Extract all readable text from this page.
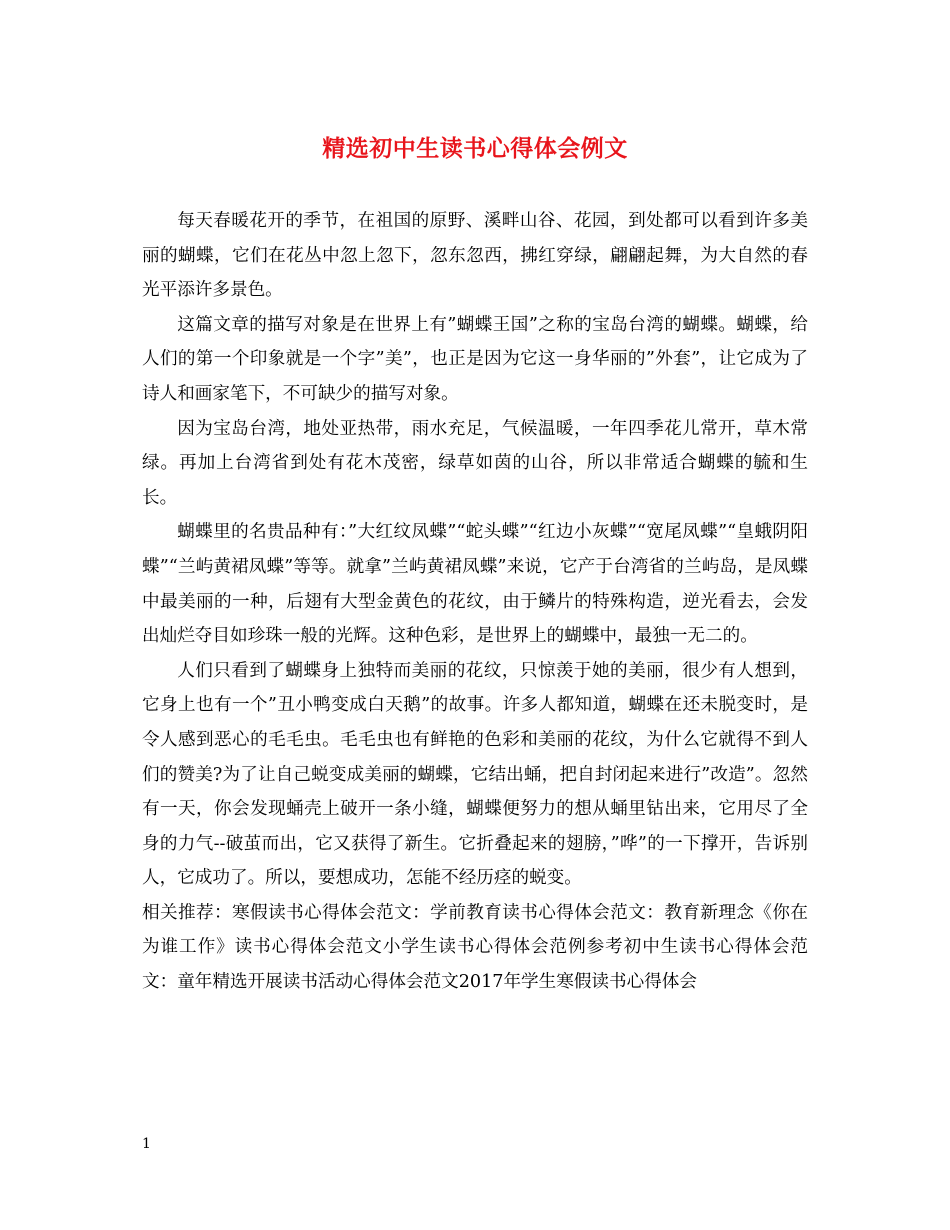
精选初中生读书心得体会例文

每天春暖花开的季节，在祖国的原野、溪畔山谷、花园，到处都可以看到许多美丽的蝴蝶，它们在花丛中忽上忽下，忽东忽西，拂红穿绿，翩翩起舞，为大自然的春光平添许多景色。

这篇文章的描写对象是在世界上有”蝴蝶王国”之称的宝岛台湾的蝴蝶。蝴蝶，给人们的第一个印象就是一个字”美”，也正是因为它这一身华丽的”外套”，让它成为了诗人和画家笔下，不可缺少的描写对象。

因为宝岛台湾，地处亚热带，雨水充足，气候温暖，一年四季花儿常开，草木常绿。再加上台湾省到处有花木茂密，绿草如茵的山谷，所以非常适合蝴蝶的毓和生长。

蝴蝶里的名贵品种有：”大红纹凤蝶”“蛇头蝶”“红边小灰蝶”“宽尾凤蝶”“皇蛾阴阳蝶”“兰屿黄裙凤蝶”等等。就拿”兰屿黄裙凤蝶”来说，它产于台湾省的兰屿岛，是凤蝶中最美丽的一种，后翅有大型金黄色的花纹，由于鳞片的特殊构造，逆光看去，会发出灿烂夺目如珍珠一般的光辉。这种色彩，是世界上的蝴蝶中，最独一无二的。

人们只看到了蝴蝶身上独特而美丽的花纹，只惊羡于她的美丽，很少有人想到，它身上也有一个”丑小鸭变成白天鹅”的故事。许多人都知道，蝴蝶在还未脱变时，是令人感到恶心的毛毛虫。毛毛虫也有鲜艳的色彩和美丽的花纹，为什么它就得不到人们的赞美?为了让自己蜕变成美丽的蝴蝶，它结出蛹，把自封闭起来进行”改造”。忽然有一天，你会发现蛹壳上破开一条小缝，蝴蝶便努力的想从蛹里钻出来，它用尽了全身的力气--破茧而出，它又获得了新生。它折叠起来的翅膀，”哗”的一下撑开，告诉别人，它成功了。所以，要想成功，怎能不经历痉的蜕变。

相关推荐：寒假读书心得体会范文：学前教育读书心得体会范文：教育新理念《你在为谁工作》读书心得体会范文小学生读书心得体会范例参考初中生读书心得体会范文：童年精选开展读书活动心得体会范文2017年学生寒假读书心得体会

1
